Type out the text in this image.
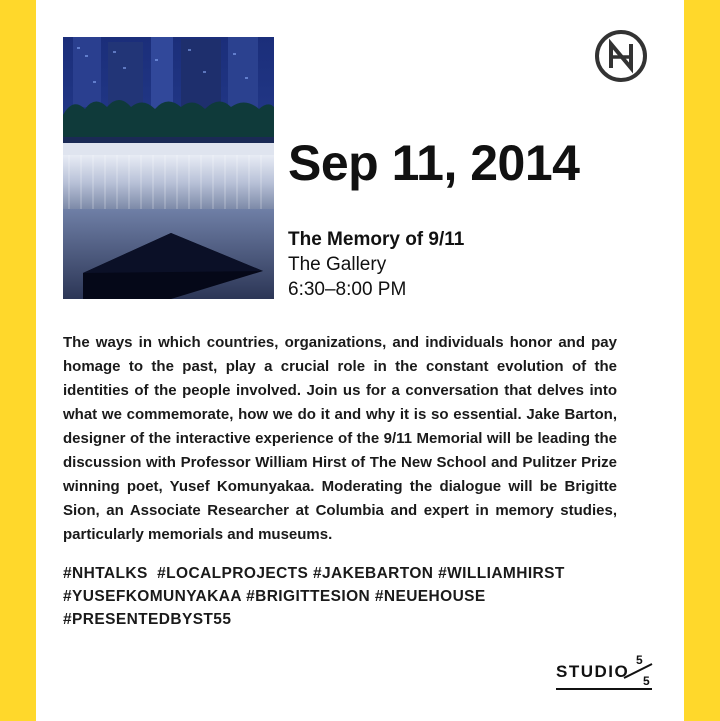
Sep 11, 2014
The Memory of 9/11
The Gallery
6:30–8:00 PM
The ways in which countries, organizations, and individuals honor and pay homage to the past, play a crucial role in the constant evolution of the identities of the people involved. Join us for a conversation that delves into what we commemorate, how we do it and why it is so essential. Jake Barton, designer of the interactive experience of the 9/11 Memorial will be leading the discussion with Professor William Hirst of The New School and Pulitzer Prize winning poet, Yusef Komunyakaa. Moderating the dialogue will be Brigitte Sion, an Associate Researcher at Columbia and expert in memory studies, particularly memorials and museums.
#NHTALKS #LOCALPROJECTS #JAKEBARTON #WILLIAMHIRST
#YUSEFKOMUNYAKAA #BRIGITTESION #NEUEHOUSE
#PRESENTEDBYST55
STUDIO
5
5
